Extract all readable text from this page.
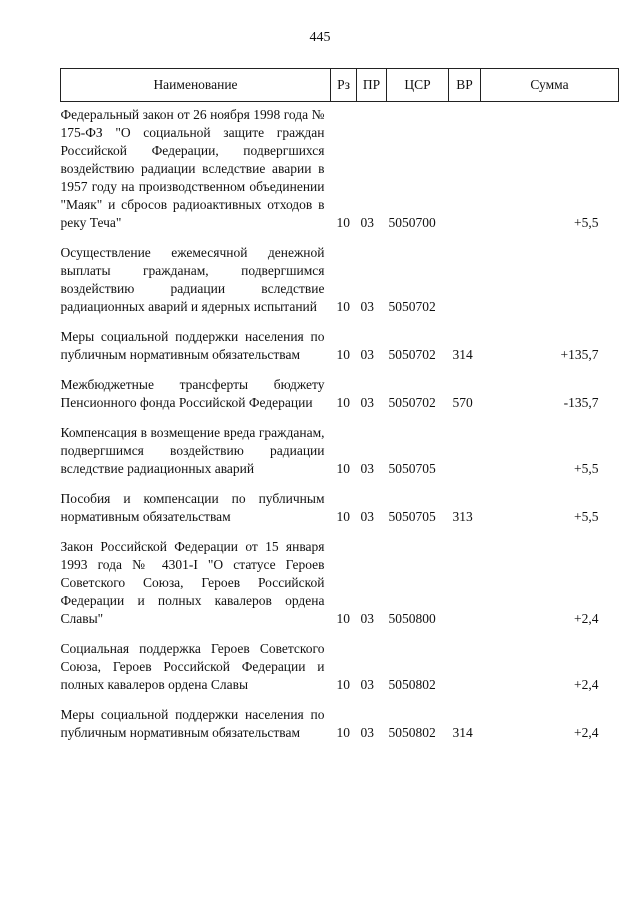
445
Наименование	Рз	ПР	ЦСР	ВР	Сумма
Федеральный закон от 26 ноября 1998 года № 175-ФЗ "О социальной защите граждан Российской Федерации, подвергшихся воздействию радиации вследствие аварии в 1957 году на производственном объединении "Маяк" и сбросов радиоактивных отходов в реку Теча"	10	03	5050700		+5,5
Осуществление ежемесячной денежной выплаты гражданам, подвергшимся воздействию радиации вследствие радиационных аварий и ядерных испытаний	10	03	5050702		
Меры социальной поддержки населения по публичным нормативным обязательствам	10	03	5050702	314	+135,7
Межбюджетные трансферты бюджету Пенсионного фонда Российской Федерации	10	03	5050702	570	-135,7
Компенсация в возмещение вреда гражданам, подвергшимся воздействию радиации вследствие радиационных аварий	10	03	5050705		+5,5
Пособия и компенсации по публичным нормативным обязательствам	10	03	5050705	313	+5,5
Закон Российской Федерации от 15 января 1993 года № 4301-I "О статусе Героев Советского Союза, Героев Российской Федерации и полных кавалеров ордена Славы"	10	03	5050800		+2,4
Социальная поддержка Героев Советского Союза, Героев Российской Федерации и полных кавалеров ордена Славы	10	03	5050802		+2,4
Меры социальной поддержки населения по публичным нормативным обязательствам	10	03	5050802	314	+2,4
